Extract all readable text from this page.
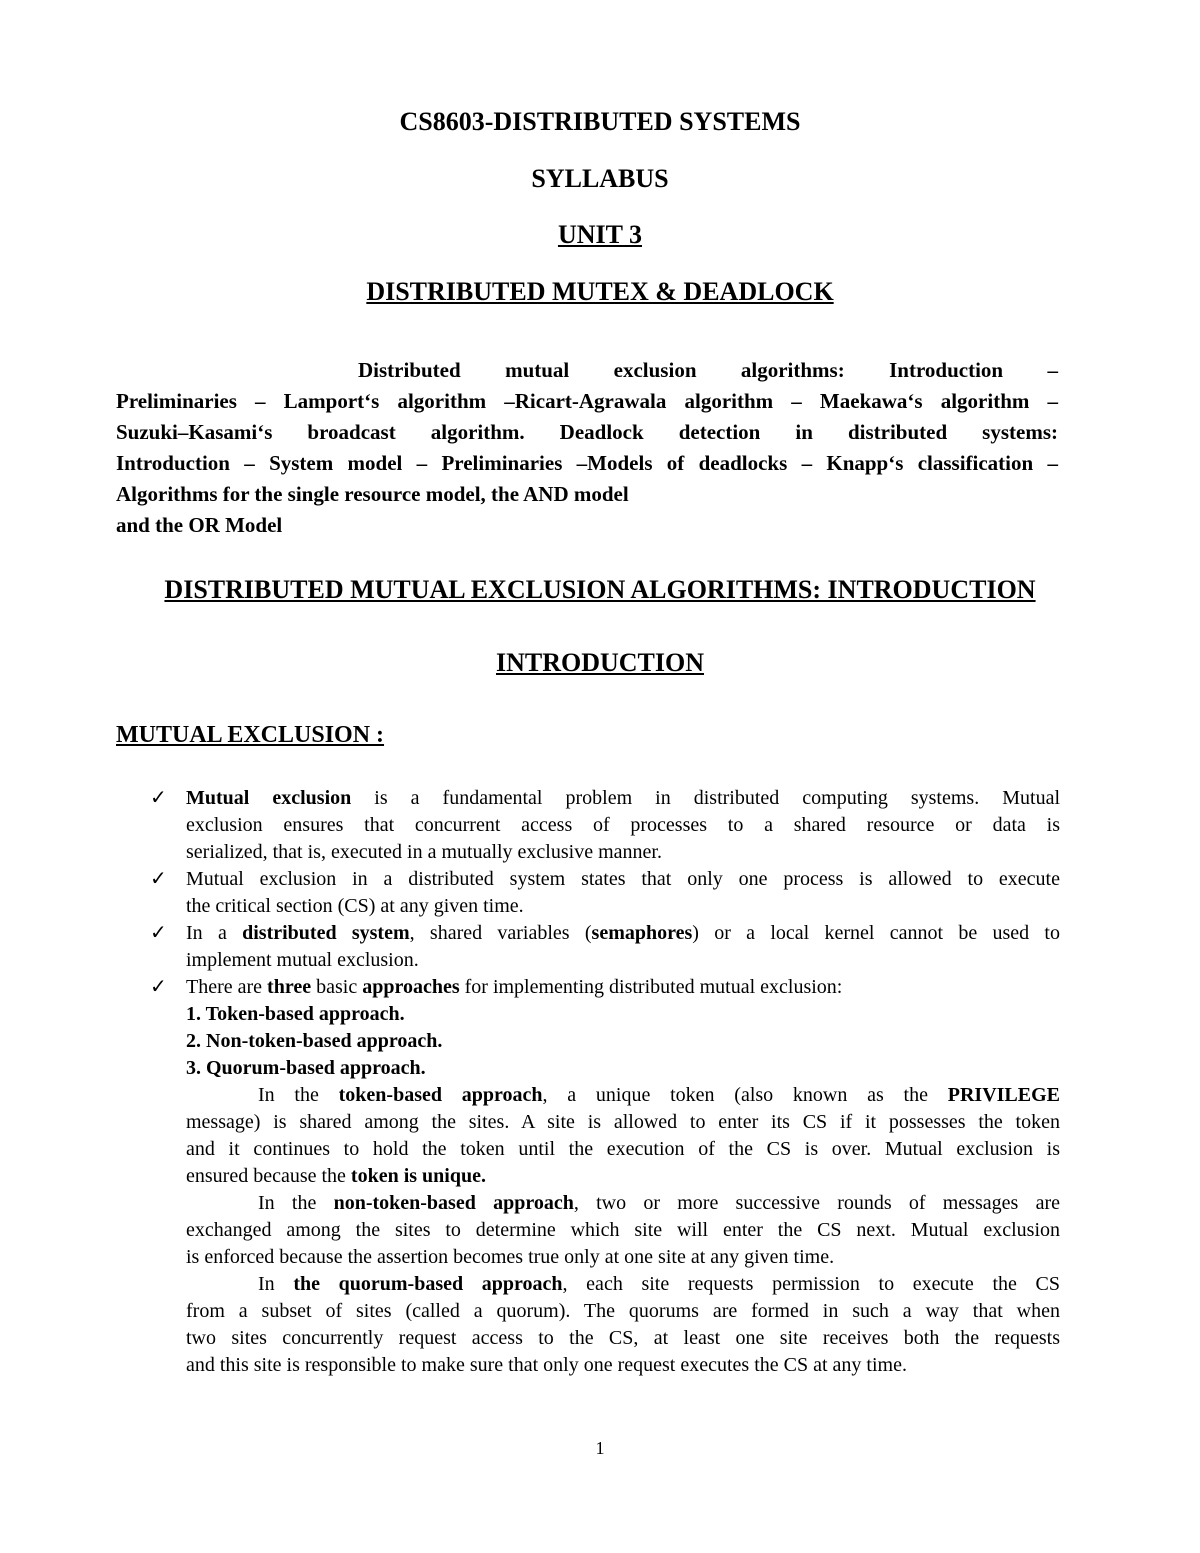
CS8603-DISTRIBUTED SYSTEMS
SYLLABUS
UNIT 3
DISTRIBUTED MUTEX & DEADLOCK
Distributed mutual exclusion algorithms: Introduction –
Preliminaries – Lamport‘s algorithm –Ricart-Agrawala algorithm – Maekawa‘s algorithm –
Suzuki–Kasami‘s broadcast algorithm. Deadlock detection in distributed systems:
Introduction – System model – Preliminaries –Models of deadlocks – Knapp‘s classification –
Algorithms for the single resource model, the AND model
and the OR Model
DISTRIBUTED MUTUAL EXCLUSION ALGORITHMS: INTRODUCTION
INTRODUCTION
MUTUAL EXCLUSION :
✓ Mutual exclusion is a fundamental problem in distributed computing systems. Mutual
exclusion ensures that concurrent access of processes to a shared resource or data is
serialized, that is, executed in a mutually exclusive manner.
✓ Mutual exclusion in a distributed system states that only one process is allowed to execute
the critical section (CS) at any given time.
✓ In a distributed system, shared variables (semaphores) or a local kernel cannot be used to
implement mutual exclusion.
✓ There are three basic approaches for implementing distributed mutual exclusion:
1. Token-based approach.
2. Non-token-based approach.
3. Quorum-based approach.
In the token-based approach, a unique token (also known as the PRIVILEGE
message) is shared among the sites. A site is allowed to enter its CS if it possesses the token
and it continues to hold the token until the execution of the CS is over. Mutual exclusion is
ensured because the token is unique.
In the non-token-based approach, two or more successive rounds of messages are
exchanged among the sites to determine which site will enter the CS next. Mutual exclusion
is enforced because the assertion becomes true only at one site at any given time.
In the quorum-based approach, each site requests permission to execute the CS
from a subset of sites (called a quorum). The quorums are formed in such a way that when
two sites concurrently request access to the CS, at least one site receives both the requests
and this site is responsible to make sure that only one request executes the CS at any time.
1
